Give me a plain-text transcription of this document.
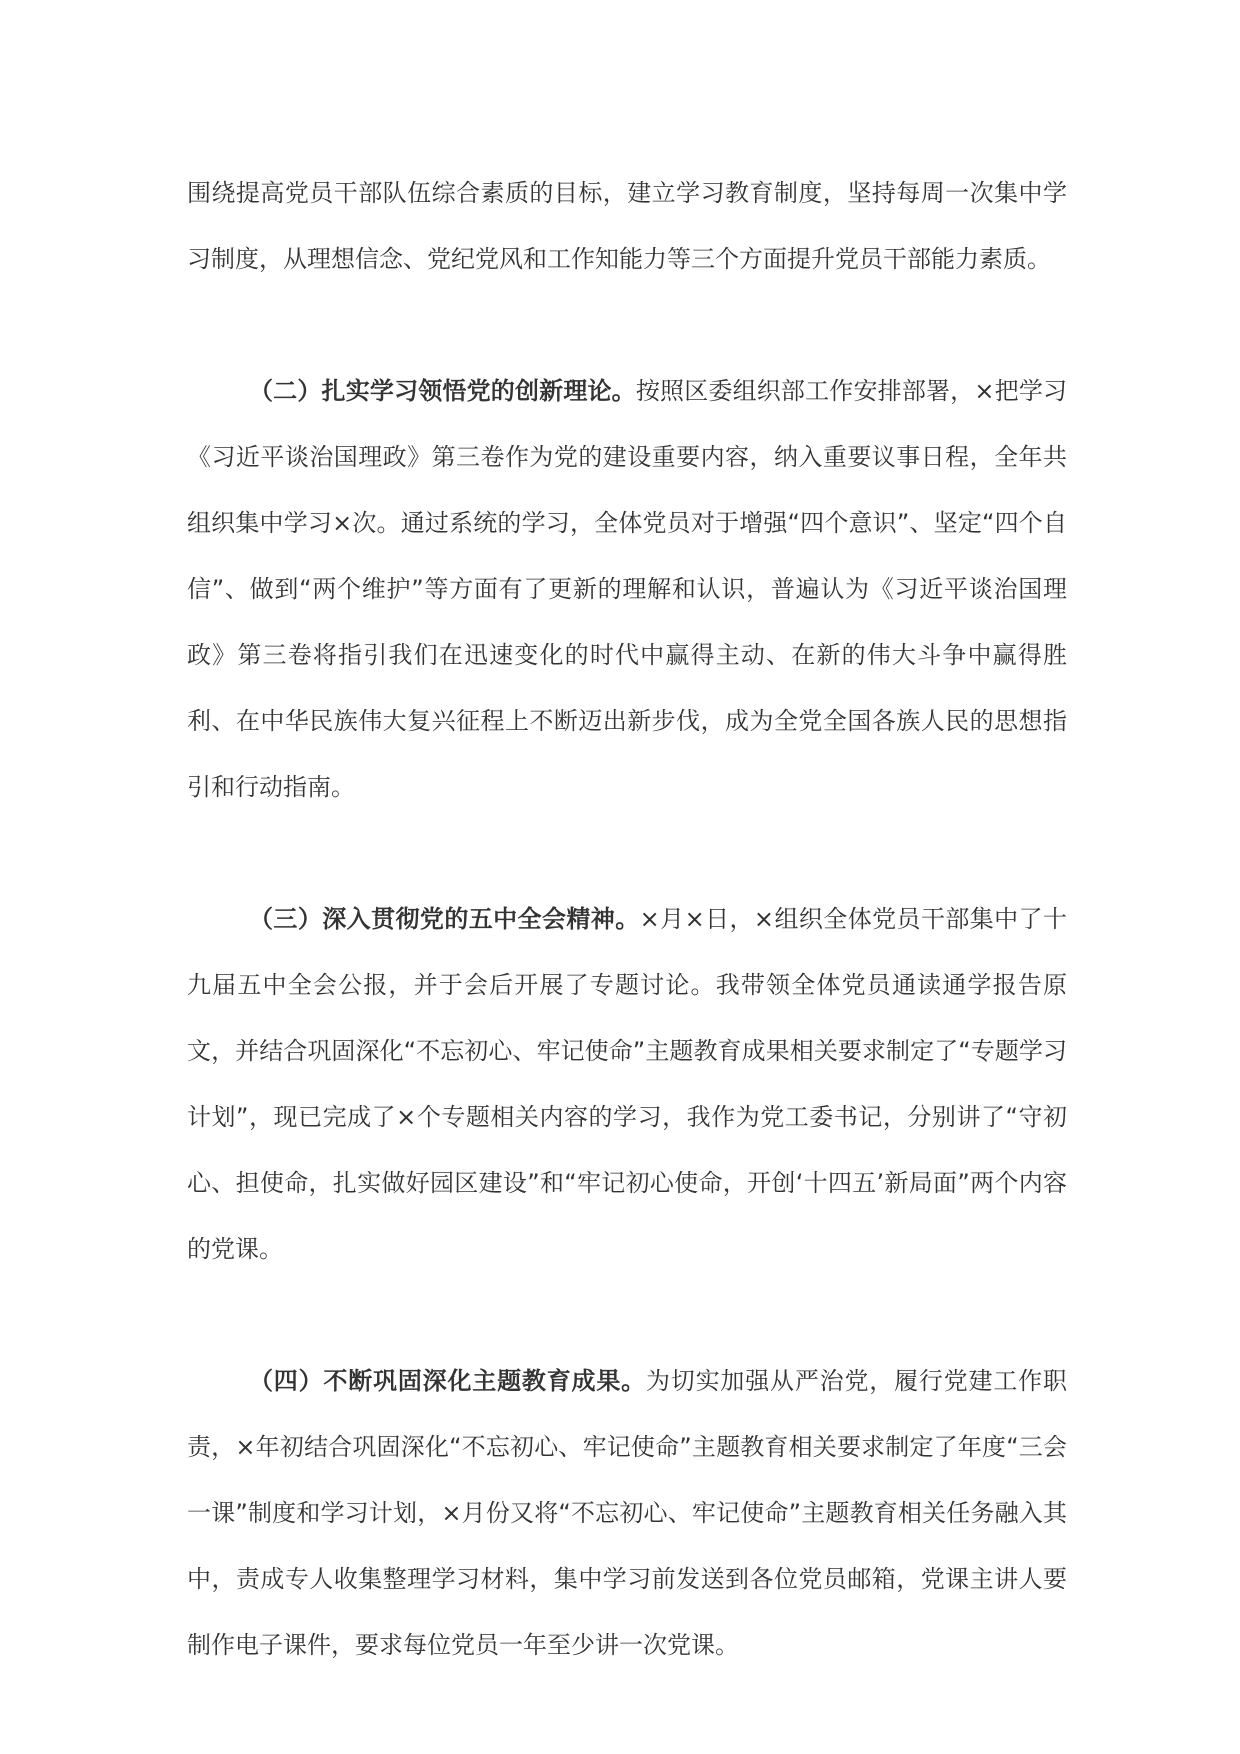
围绕提高党员干部队伍综合素质的目标，建立学习教育制度，坚持每周一次集中学习制度，从理想信念、党纪党风和工作知能力等三个方面提升党员干部能力素质。

（二）扎实学习领悟党的创新理论。按照区委组织部工作安排部署，×把学习《习近平谈治国理政》第三卷作为党的建设重要内容，纳入重要议事日程，全年共组织集中学习×次。通过系统的学习，全体党员对于增强“四个意识”、坚定“四个自信”、做到“两个维护”等方面有了更新的理解和认识，普遍认为《习近平谈治国理政》第三卷将指引我们在迅速变化的时代中赢得主动、在新的伟大斗争中赢得胜利、在中华民族伟大复兴征程上不断迈出新步伐，成为全党全国各族人民的思想指引和行动指南。

（三）深入贯彻党的五中全会精神。×月×日，×组织全体党员干部集中了十九届五中全会公报，并于会后开展了专题讨论。我带领全体党员通读通学报告原文，并结合巩固深化“不忘初心、牢记使命”主题教育成果相关要求制定了“专题学习计划”，现已完成了×个专题相关内容的学习，我作为党工委书记，分别讲了“守初心、担使命，扎实做好园区建设”和“牢记初心使命，开创‘十四五’新局面”两个内容的党课。

（四）不断巩固深化主题教育成果。为切实加强从严治党，履行党建工作职责，×年初结合巩固深化“不忘初心、牢记使命”主题教育相关要求制定了年度“三会一课”制度和学习计划，×月份又将“不忘初心、牢记使命”主题教育相关任务融入其中，责成专人收集整理学习材料，集中学习前发送到各位党员邮箱，党课主讲人要制作电子课件，要求每位党员一年至少讲一次党课。
